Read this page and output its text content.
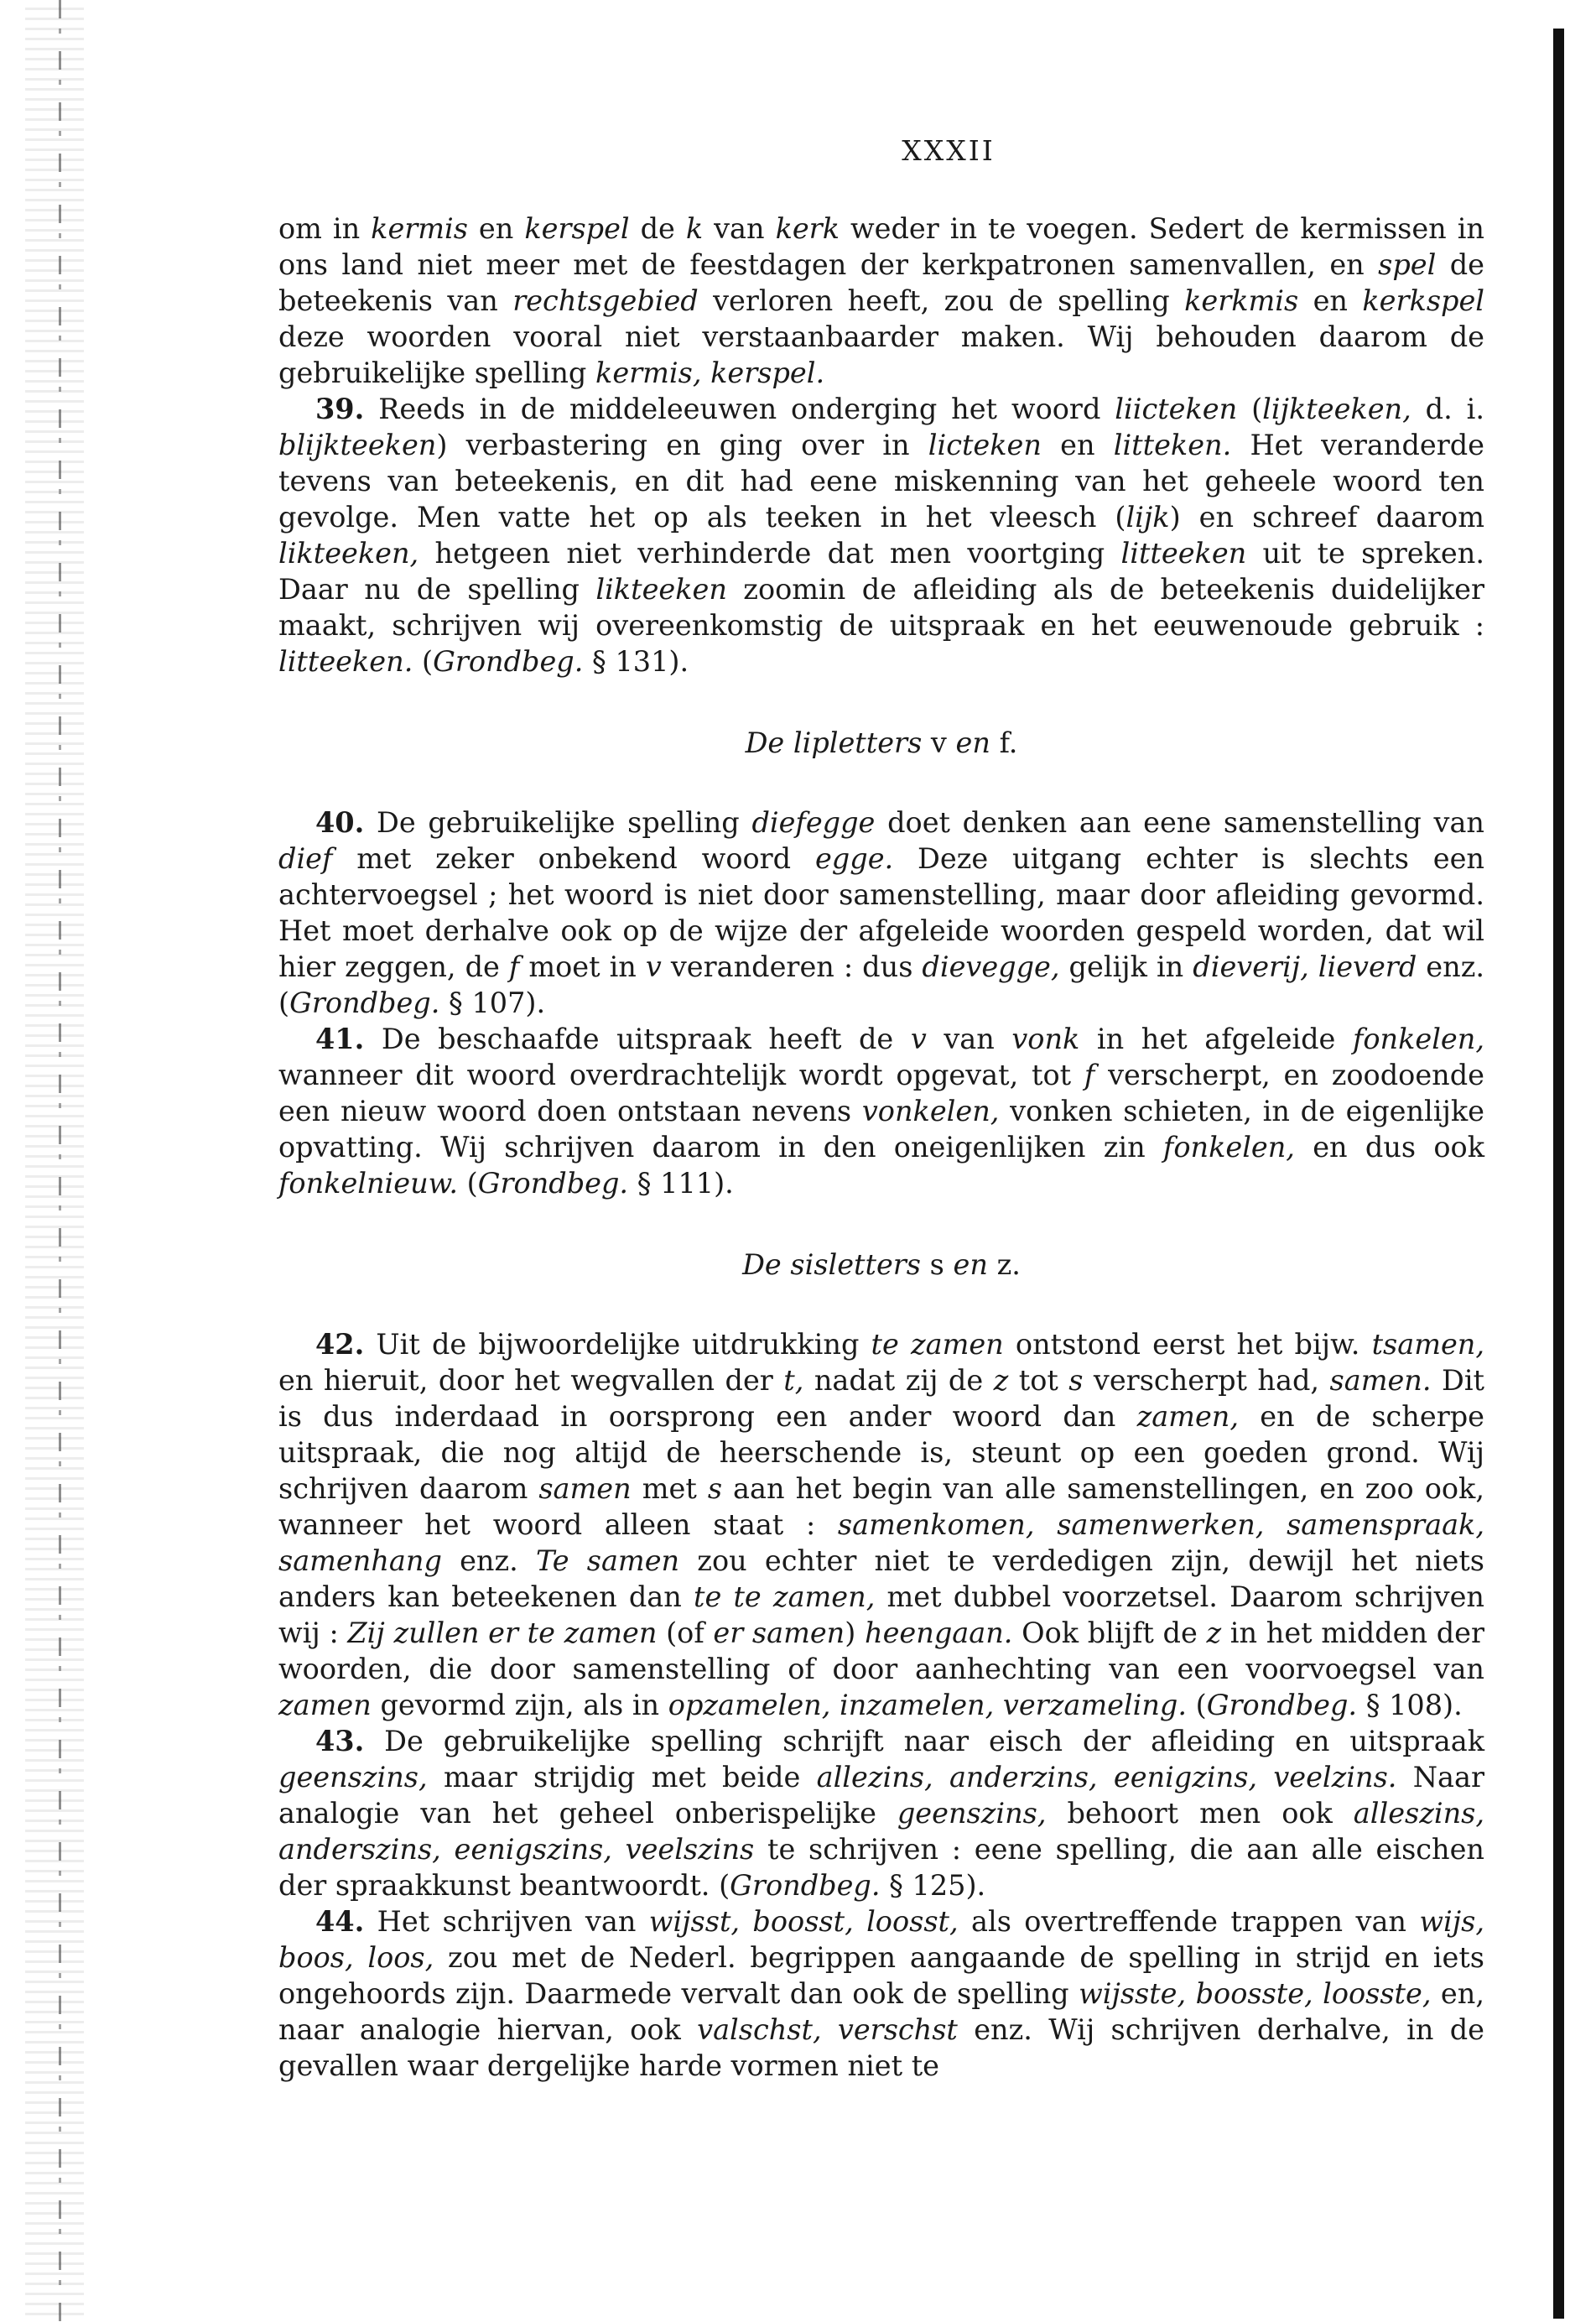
XXXII

om in kermis en kerspel de k van kerk weder in te voegen. Sedert de kermissen in ons land niet meer met de feestdagen der kerkpatronen samenvallen, en spel de beteekenis van rechtsgebied verloren heeft, zou de spelling kerkmis en kerkspel deze woorden vooral niet verstaanbaarder maken. Wij behouden daarom de gebruikelijke spelling kermis, kerspel.

39. Reeds in de middeleeuwen onderging het woord liicteken (lijkteeken, d. i. blijkteeken) verbastering en ging over in licteken en litteken. Het veranderde tevens van beteekenis, en dit had eene miskenning van het geheele woord ten gevolge. Men vatte het op als teeken in het vleesch (lijk) en schreef daarom likteeken, hetgeen niet verhinderde dat men voortging litteeken uit te spreken. Daar nu de spelling likteeken zoomin de afleiding als de beteekenis duidelijker maakt, schrijven wij overeenkomstig de uitspraak en het eeuwenoude gebruik : litteeken. (Grondbeg. § 131).

De lipletters v en f.

40. De gebruikelijke spelling diefegge doet denken aan eene samenstelling van dief met zeker onbekend woord egge. Deze uitgang echter is slechts een achtervoegsel ; het woord is niet door samenstelling, maar door afleiding gevormd. Het moet derhalve ook op de wijze der afgeleide woorden gespeld worden, dat wil hier zeggen, de f moet in v veranderen : dus dievegge, gelijk in dieverij, lieverd enz. (Grondbeg. § 107).

41. De beschaafde uitspraak heeft de v van vonk in het afgeleide fonkelen, wanneer dit woord overdrachtelijk wordt opgevat, tot f verscherpt, en zoodoende een nieuw woord doen ontstaan nevens vonkelen, vonken schieten, in de eigenlijke opvatting. Wij schrijven daarom in den oneigenlijken zin fonkelen, en dus ook fonkelnieuw. (Grondbeg. § 111).

De sisletters s en z.

42. Uit de bijwoordelijke uitdrukking te zamen ontstond eerst het bijw. tsamen, en hieruit, door het wegvallen der t, nadat zij de z tot s verscherpt had, samen. Dit is dus inderdaad in oorsprong een ander woord dan zamen, en de scherpe uitspraak, die nog altijd de heerschende is, steunt op een goeden grond. Wij schrijven daarom samen met s aan het begin van alle samenstellingen, en zoo ook, wanneer het woord alleen staat : samenkomen, samenwerken, samenspraak, samenhang enz. Te samen zou echter niet te verdedigen zijn, dewijl het niets anders kan beteekenen dan te te zamen, met dubbel voorzetsel. Daarom schrijven wij : Zij zullen er te zamen (of er samen) heengaan. Ook blijft de z in het midden der woorden, die door samenstelling of door aanhechting van een voorvoegsel van zamen gevormd zijn, als in opzamelen, inzamelen, verzameling. (Grondbeg. § 108).

43. De gebruikelijke spelling schrijft naar eisch der afleiding en uitspraak geenszins, maar strijdig met beide allezins, anderzins, eenigzins, veelzins. Naar analogie van het geheel onberispelijke geenszins, behoort men ook alleszins, anderszins, eenigszins, veelszins te schrijven : eene spelling, die aan alle eischen der spraakkunst beantwoordt. (Grondbeg. § 125).

44. Het schrijven van wijsst, boosst, loosst, als overtreffende trappen van wijs, boos, loos, zou met de Nederl. begrippen aangaande de spelling in strijd en iets ongehoords zijn. Daarmede vervalt dan ook de spelling wijsste, boosste, loosste, en, naar analogie hiervan, ook valschst, verschst enz. Wij schrijven derhalve, in de gevallen waar dergelijke harde vormen niet te
